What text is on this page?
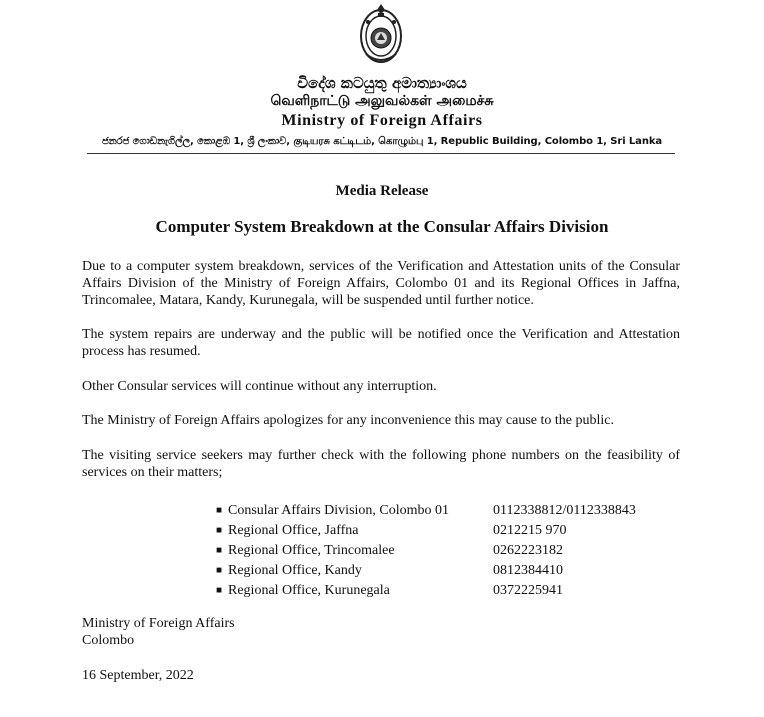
විදේශ කටයුතු අමාත්‍යාංශය
வெளிநாட்டு அலுவல்கள் அமைச்சு
Ministry of Foreign Affairs
ජනරජ ගොඩනැගිල්ල, කොළඹ 1, ශ්‍රී ලංකාව, குடியரசு கட்டிடம், கொழும்பு 1, Republic Building, Colombo 1, Sri Lanka
Media Release
Computer System Breakdown at the Consular Affairs Division

Due to a computer system breakdown, services of the Verification and Attestation units of the Consular Affairs Division of the Ministry of Foreign Affairs, Colombo 01 and its Regional Offices in Jaffna, Trincomalee, Matara, Kandy, Kurunegala, will be suspended until further notice.

The system repairs are underway and the public will be notified once the Verification and Attestation process has resumed.

Other Consular services will continue without any interruption.

The Ministry of Foreign Affairs apologizes for any inconvenience this may cause to the public.

The visiting service seekers may further check with the following phone numbers on the feasibility of services on their matters;

■ Consular Affairs Division, Colombo 01	0112338812/0112338843
■ Regional Office, Jaffna	0212215 970
■ Regional Office, Trincomalee	0262223182
■ Regional Office, Kandy	0812384410
■ Regional Office, Kurunegala	0372225941
Ministry of Foreign Affairs
Colombo
16 September, 2022
